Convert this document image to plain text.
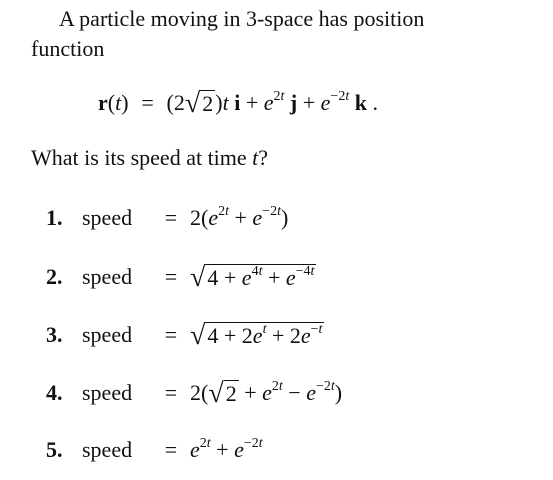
A particle moving in 3-space has position
function
r(t) = (2 √ 2 )t $i + e^{2t}$ $j + e^{-2t}$ k .
What is its speed at time t?
1. speed	= $2(e^{2t} + e^{-2t})$
2. speed	= √ $4 + e^{4t} + e^{-4t}$
3. speed	= √ $4 + 2e^t + 2e^{-t}$
4. speed	= 2( √ $2 + e^{2t} - e^{-2t}$)
5. speed	= $e^{2t} + e^{-2t}$
